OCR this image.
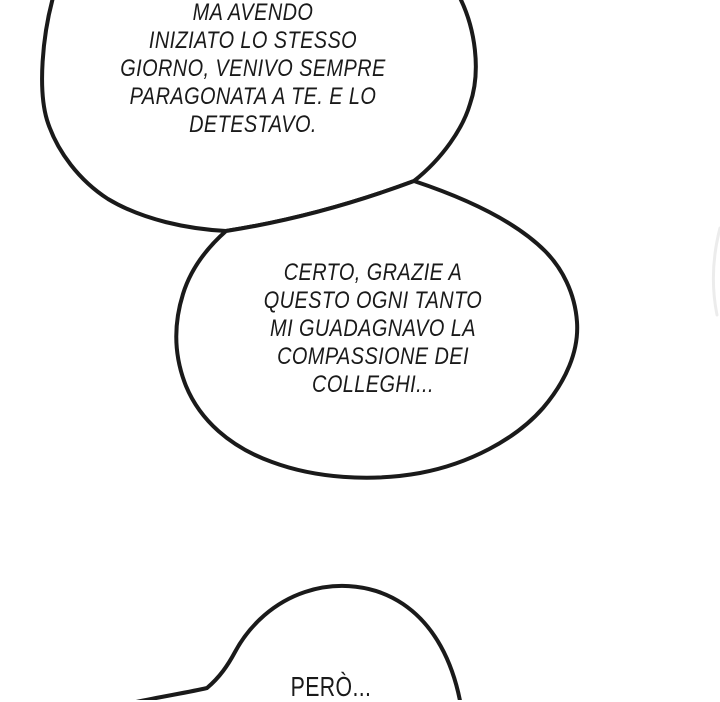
MA AVENDO
INIZIATO LO STESSO
GIORNO, VENIVO SEMPRE
PARAGONATA A TE. E LO
DETESTAVO.
CERTO, GRAZIE A
QUESTO OGNI TANTO
MI GUADAGNAVO LA
COMPASSIONE DEI
COLLEGHI...
PERÒ...
